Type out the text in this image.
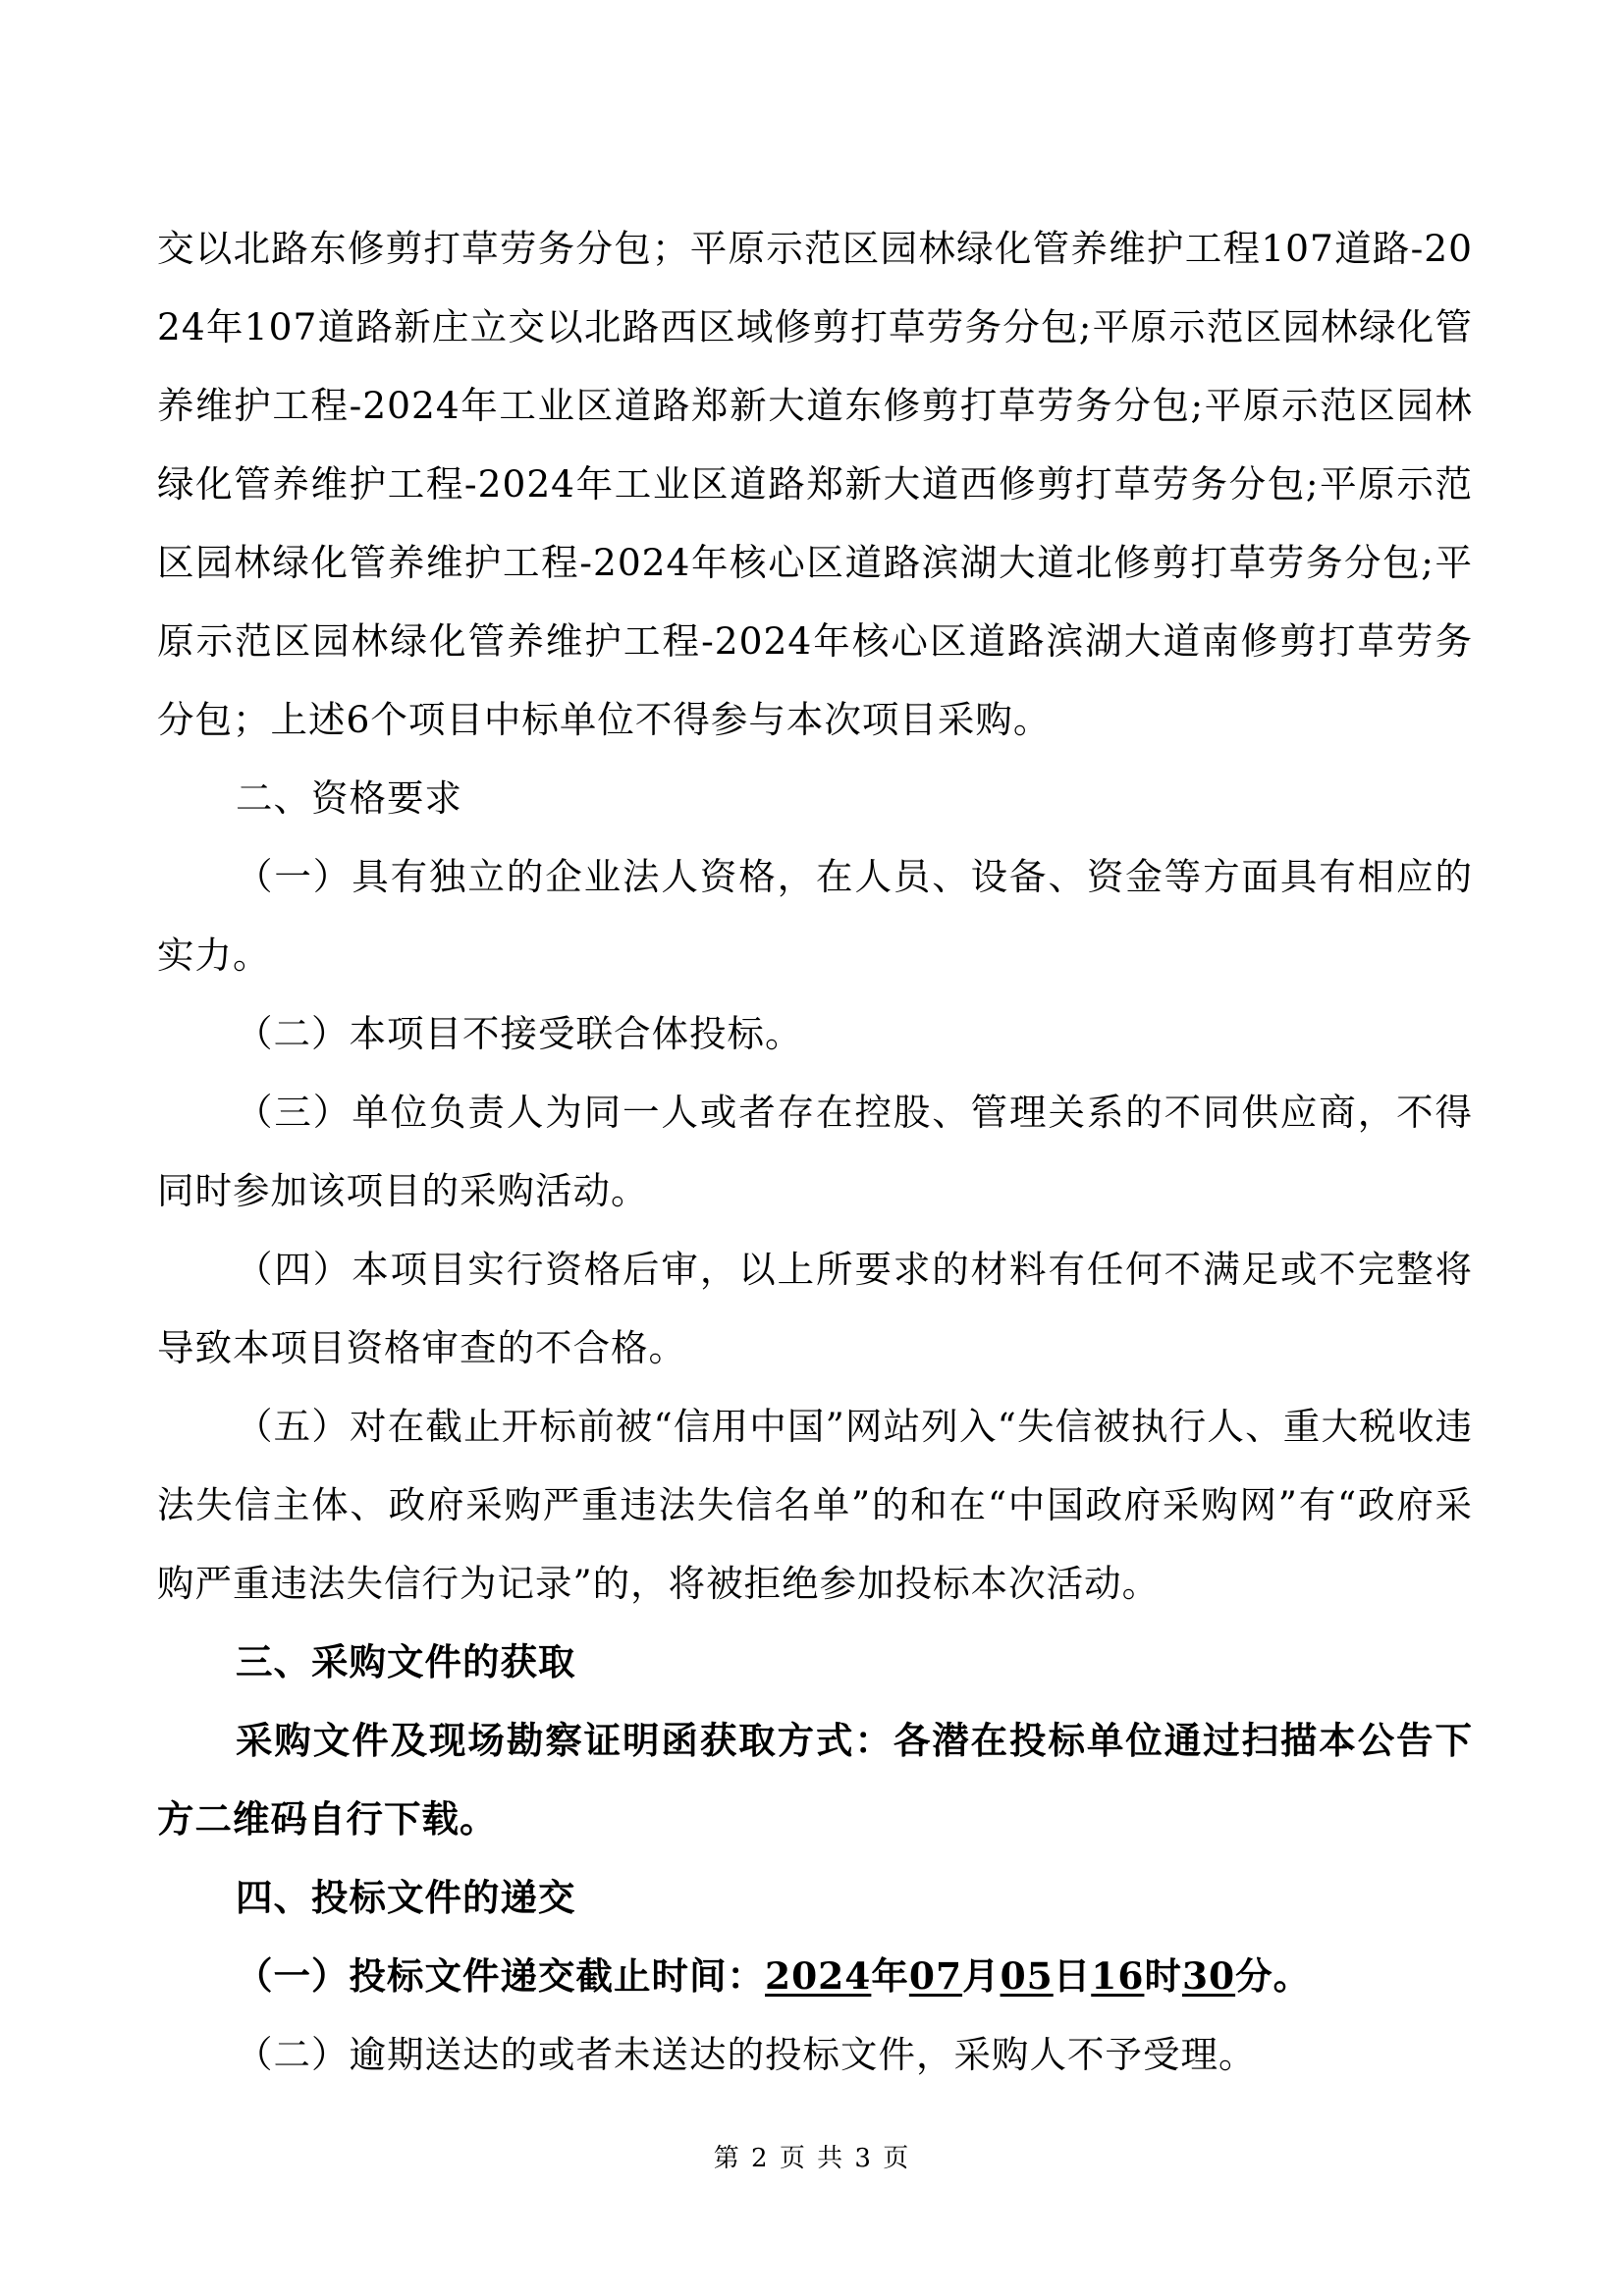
交以北路东修剪打草劳务分包；平原示范区园林绿化管养维护工程107道路-2024年107道路新庄立交以北路西区域修剪打草劳务分包;平原示范区园林绿化管养维护工程-2024年工业区道路郑新大道东修剪打草劳务分包;平原示范区园林绿化管养维护工程-2024年工业区道路郑新大道西修剪打草劳务分包;平原示范区园林绿化管养维护工程-2024年核心区道路滨湖大道北修剪打草劳务分包;平原示范区园林绿化管养维护工程-2024年核心区道路滨湖大道南修剪打草劳务分包；上述6个项目中标单位不得参与本次项目采购。

二、资格要求

（一）具有独立的企业法人资格，在人员、设备、资金等方面具有相应的实力。

（二）本项目不接受联合体投标。

（三）单位负责人为同一人或者存在控股、管理关系的不同供应商，不得同时参加该项目的采购活动。

（四）本项目实行资格后审，以上所要求的材料有任何不满足或不完整将导致本项目资格审查的不合格。

（五）对在截止开标前被“信用中国”网站列入“失信被执行人、重大税收违法失信主体、政府采购严重违法失信名单”的和在“中国政府采购网”有“政府采购严重违法失信行为记录”的，将被拒绝参加投标本次活动。

三、采购文件的获取

采购文件及现场勘察证明函获取方式：各潜在投标单位通过扫描本公告下方二维码自行下载。

四、投标文件的递交

（一）投标文件递交截止时间：2024年07月05日16时30分。

（二）逾期送达的或者未送达的投标文件，采购人不予受理。

第 2 页 共 3 页
